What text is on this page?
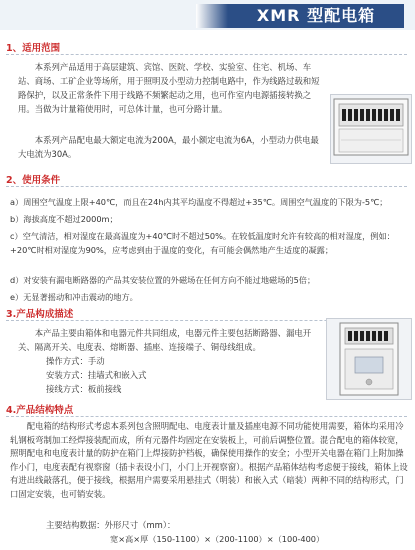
XMR 型配电箱
1、适用范围
本系列产品适用于高层建筑、宾馆、医院、学校、实验室、住宅、机场、车站、商场、工矿企业等场所，用于照明及小型动力控制电路中，作为线路过载和短路保护，以及正常条件下用于线路不频繁起动之用，也可作室内电源插接转换之用。当做为计量箱使用时，可总体计量，也可分路计量。
本系列产品配电最大额定电流为200A，最小额定电流为6A，小型动力供电最大电流为30A。
2、使用条件
a）周围空气温度上限+40℃，而且在24h内其平均温度不得超过+35℃。周围空气温度的下限为-5℃；
b）海拔高度不超过2000m；
c）空气清洁，相对湿度在最高温度为+40℃时不超过50%。在较低温度时允许有较高的相对湿度，例如：+20℃时相对湿度为90%，应考虑到由于温度的变化，有可能会偶然地产生适度的凝露；
d）对安装有漏电断路器的产品其安装位置的外磁场在任何方向不能过地磁场的5倍；
e）无显著摇动和冲击震动的地方。
3.产品构成描述
本产品主要由箱体和电器元件共同组成，电器元件主要包括断路器、漏电开关、隔离开关、电度表、熔断器、插座、连接端子、铜母线组成。
操作方式：手动
安装方式：挂墙式和嵌入式
接线方式：板前接线
4.产品结构特点
配电箱的结构形式考虑本系列包含照明配电、电度表计量及插座电源不同功能使用需要，箱体均采用冷轧钢板弯制加工经焊接装配而成，所有元器件均固定在安装板上，可前后调整位置。混合配电的箱体较宽，照明配电和电度表计量的防护在箱门上焊接防护档板，确保使用操作的安全；小型开关电器在箱门上附加操作小门，电度表配有视察窗（插卡表设小门，小门上开视察窗）。根据产品箱体结构考虑便于接线，箱体上设有进出线敲落孔，便于接线，根据用户需要采用悬挂式（明装）和嵌入式（暗装）两种不同的结构形式，门口固定安装，也可销安装。
主要结构数据：外形尺寸（mm）：
宽×高×厚（150-1100）×（200-1100）×（100-400）
